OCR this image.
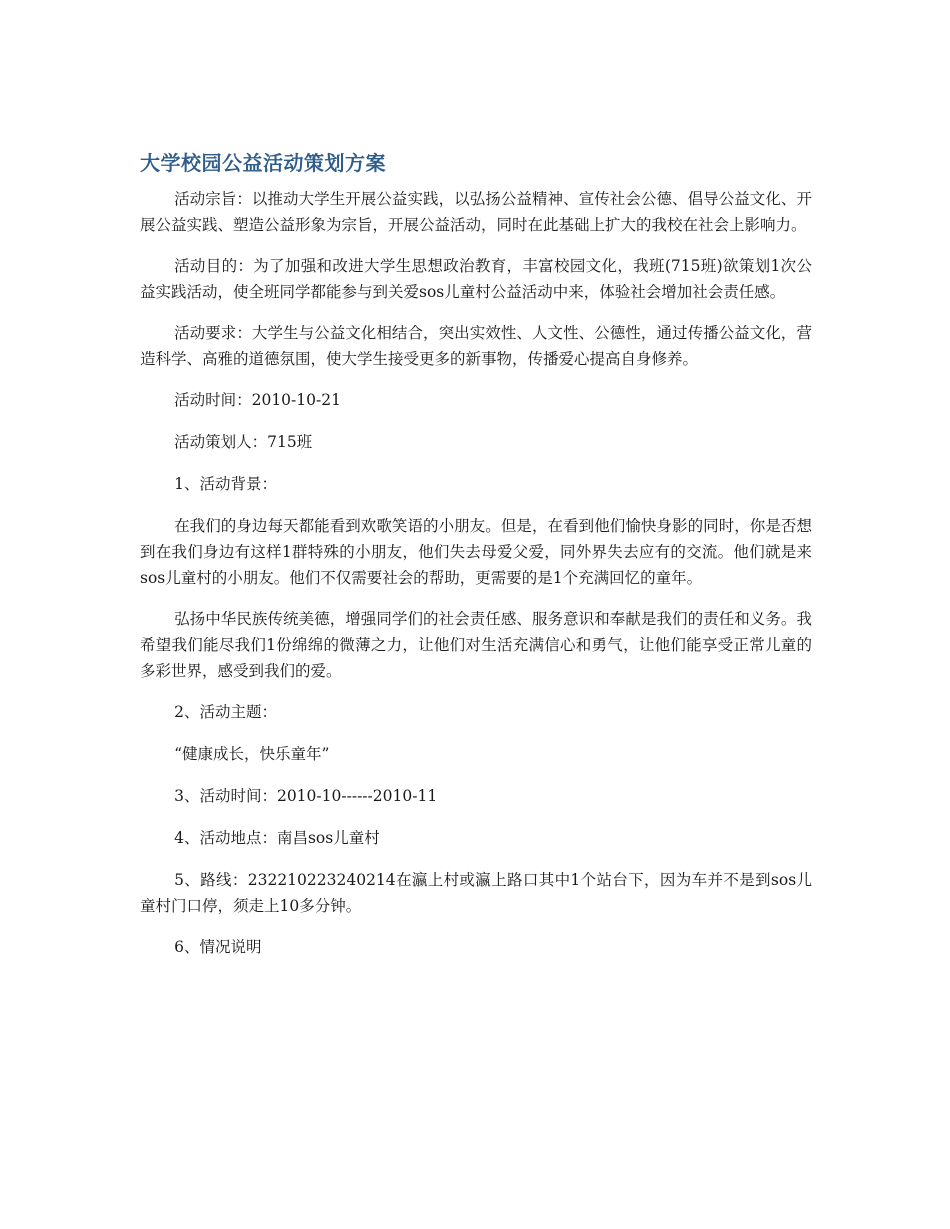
大学校园公益活动策划方案

活动宗旨：以推动大学生开展公益实践，以弘扬公益精神、宣传社会公德、倡导公益文化、开展公益实践、塑造公益形象为宗旨，开展公益活动，同时在此基础上扩大的我校在社会上影响力。

活动目的：为了加强和改进大学生思想政治教育，丰富校园文化，我班(715班)欲策划1次公益实践活动，使全班同学都能参与到关爱sos儿童村公益活动中来，体验社会增加社会责任感。

活动要求：大学生与公益文化相结合，突出实效性、人文性、公德性，通过传播公益文化，营造科学、高雅的道德氛围，使大学生接受更多的新事物，传播爱心提高自身修养。

活动时间：2010-10-21

活动策划人：715班

1、活动背景：

在我们的身边每天都能看到欢歌笑语的小朋友。但是，在看到他们愉快身影的同时，你是否想到在我们身边有这样1群特殊的小朋友，他们失去母爱父爱，同外界失去应有的交流。他们就是来sos儿童村的小朋友。他们不仅需要社会的帮助，更需要的是1个充满回忆的童年。

弘扬中华民族传统美德，增强同学们的社会责任感、服务意识和奉献是我们的责任和义务。我希望我们能尽我们1份绵绵的微薄之力，让他们对生活充满信心和勇气，让他们能享受正常儿童的多彩世界，感受到我们的爱。

2、活动主题：

“健康成长，快乐童年”

3、活动时间：2010-10------2010-11

4、活动地点：南昌sos儿童村

5、路线：232210223240214在瀛上村或瀛上路口其中1个站台下，因为车并不是到sos儿童村门口停，须走上10多分钟。

6、情况说明
